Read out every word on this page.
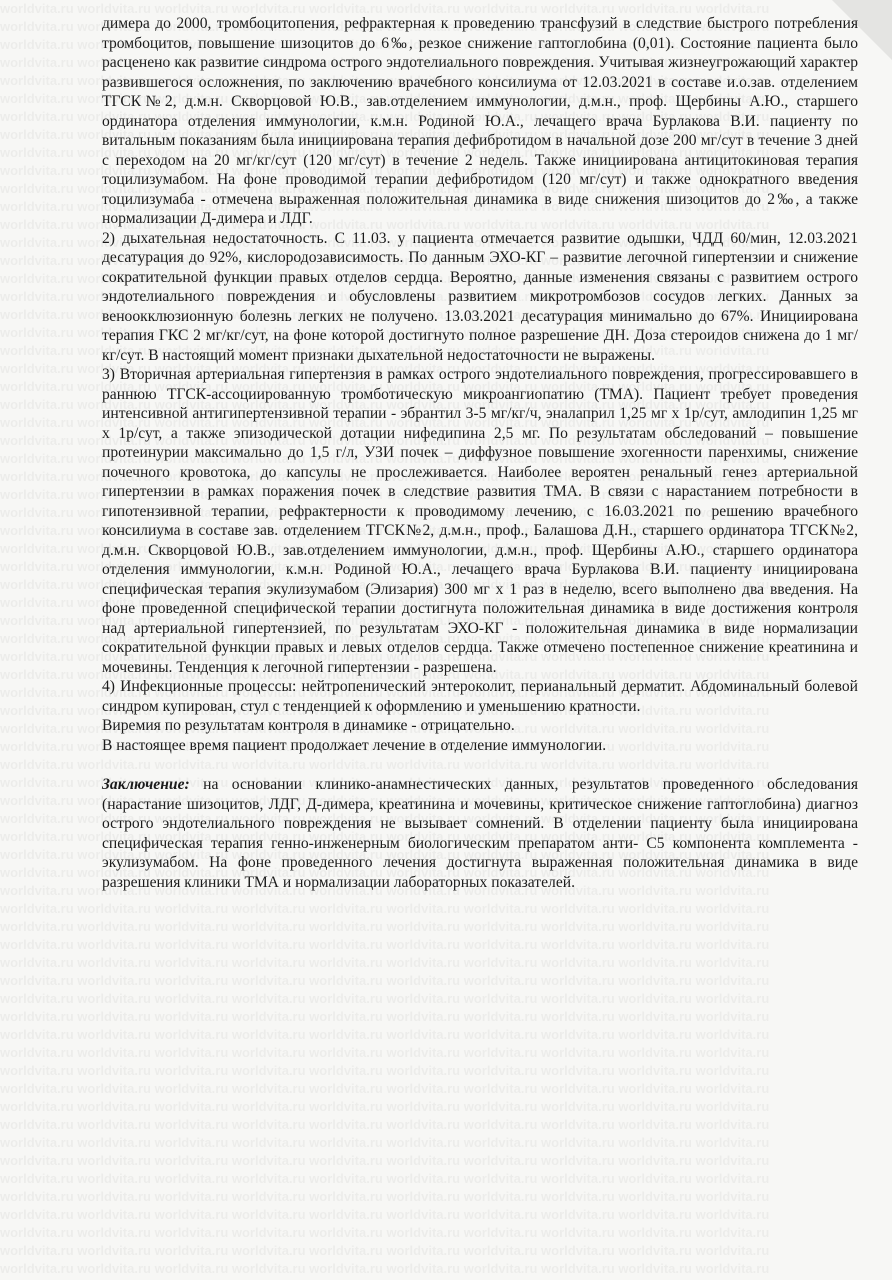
димера до 2000, тромбоцитопения, рефрактерная к проведению трансфузий в следствие быстрого потребления тромбоцитов, повышение шизоцитов до 6‰, резкое снижение гаптоглобина (0,01). Состояние пациента было расценено как развитие синдрома острого эндотелиального повреждения. Учитывая жизнеугрожающий характер развившегося осложнения, по заключению врачебного консилиума от 12.03.2021 в составе и.о.зав. отделением ТГСК№2, д.м.н. Скворцовой Ю.В., зав.отделением иммунологии, д.м.н., проф. Щербины А.Ю., старшего ординатора отделения иммунологии, к.м.н. Родиной Ю.А., лечащего врача Бурлакова В.И. пациенту по витальным показаниям была инициирована терапия дефибротидом в начальной дозе 200 мг/сут в течение 3 дней с переходом на 20 мг/кг/сут (120 мг/сут) в течение 2 недель. Также инициирована антицитокиновая терапия тоцилизумабом. На фоне проводимой терапии дефибротидом (120 мг/сут) и также однократного введения тоцилизумаба - отмечена выраженная положительная динамика в виде снижения шизоцитов до 2‰, а также нормализации Д-димера и ЛДГ.

2) дыхательная недостаточность. С 11.03. у пациента отмечается развитие одышки, ЧДД 60/мин, 12.03.2021 десатурация до 92%, кислородозависимость. По данным ЭХО-КГ – развитие легочной гипертензии и снижение сократительной функции правых отделов сердца. Вероятно, данные изменения связаны с развитием острого эндотелиального повреждения и обусловлены развитием микротромбозов сосудов легких. Данных за веноокклюзионную болезнь легких не получено. 13.03.2021 десатурация минимально до 67%. Инициирована терапия ГКС 2 мг/кг/сут, на фоне которой достигнуто полное разрешение ДН. Доза стероидов снижена до 1 мг/кг/сут. В настоящий момент признаки дыхательной недостаточности не выражены.

3) Вторичная артериальная гипертензия в рамках острого эндотелиального повреждения, прогрессировавшего в раннюю ТГСК-ассоциированную тромботическую микроангиопатию (ТМА). Пациент требует проведения интенсивной антигипертензивной терапии - эбрантил 3-5 мг/кг/ч, эналаприл 1,25 мг х 1р/сут, амлодипин 1,25 мг х 1р/сут, а также эпизодической дотации нифедипина 2,5 мг. По результатам обследований – повышение протеинурии максимально до 1,5 г/л, УЗИ почек – диффузное повышение эхогенности паренхимы, снижение почечного кровотока, до капсулы не прослеживается. Наиболее вероятен ренальный генез артериальной гипертензии в рамках поражения почек в следствие развития ТМА. В связи с нарастанием потребности в гипотензивной терапии, рефрактерности к проводимому лечению, с 16.03.2021 по решению врачебного консилиума в составе зав. отделением ТГСК№2, д.м.н., проф., Балашова Д.Н., старшего ординатора ТГСК№2, д.м.н. Скворцовой Ю.В., зав.отделением иммунологии, д.м.н., проф. Щербины А.Ю., старшего ординатора отделения иммунологии, к.м.н. Родиной Ю.А., лечащего врача Бурлакова В.И. пациенту инициирована специфическая терапия экулизумабом (Элизария) 300 мг х 1 раз в неделю, всего выполнено два введения. На фоне проведенной специфической терапии достигнута положительная динамика в виде достижения контроля над артериальной гипертензией, по результатам ЭХО-КГ - положительная динамика в виде нормализации сократительной функции правых и левых отделов сердца. Также отмечено постепенное снижение креатинина и мочевины. Тенденция к легочной гипертензии - разрешена.

4) Инфекционные процессы: нейтропенический энтероколит, перианальный дерматит. Абдоминальный болевой синдром купирован, стул с тенденцией к оформлению и уменьшению кратности.

Виремия по результатам контроля в динамике - отрицательно.

В настоящее время пациент продолжает лечение в отделение иммунологии.

Заключение: на основании клинико-анамнестических данных, результатов проведенного обследования (нарастание шизоцитов, ЛДГ, Д-димера, креатинина и мочевины, критическое снижение гаптоглобина) диагноз острого эндотелиального повреждения не вызывает сомнений. В отделении пациенту была инициирована специфическая терапия генно-инженерным биологическим препаратом анти- С5 компонента комплемента - экулизумабом. На фоне проведенного лечения достигнута выраженная положительная динамика в виде разрешения клиники ТМА и нормализации лабораторных показателей.
